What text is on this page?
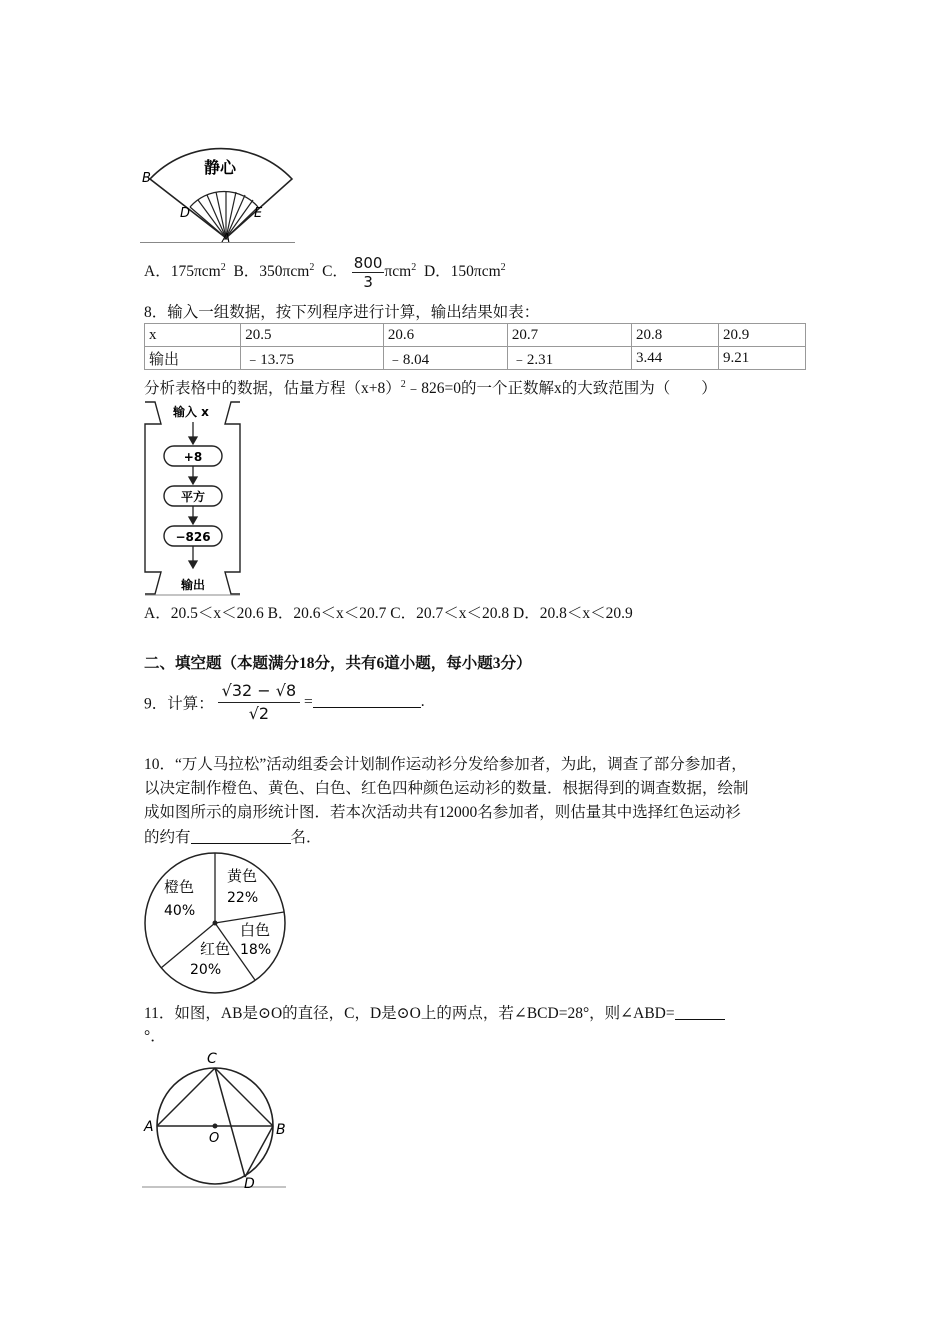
静心
B
D	E
A
A．175πcm$^2$ B．350πcm$^2$ C． $\frac{800}{3} \pi cm^2$ D．150πcm$^2$
8．输入一组数据，按下列程序进行计算，输出结果如表：
x	20.5	20.6	20.7	20.8	20.9
输出	﹣13.75	﹣8.04	﹣2.31	3.44	9.21
分析表格中的数据，估量方程$(x+8)^2﹣826=0$的一个正数解x的大致范围为（　　）
输入 x
+8
平方
−826
输出
A．20.5＜x＜20.6 B．20.6＜x＜20.7 C．20.7＜x＜20.8 D．20.8＜x＜20.9
二、填空题（本题满分18分，共有6道小题，每小题3分）
9．计算： $\frac{√32 - √8}{√2}$ =	.
10．“万人马拉松”活动组委会计划制作运动衫分发给参加者，为此，调查了部分参加者，
以决定制作橙色、黄色、白色、红色四种颜色运动衫的数量．根据得到的调查数据，绘制
成如图所示的扇形统计图．若本次活动共有12000名参加者，则估量其中选择红色运动衫
的约有	名．
橙色
40%
黄色
22%
白色
18%
红色
20%
11．如图，AB是⊙O的直径，C，D是⊙O上的两点，若∠BCD=28°，则∠ABD=
°．
A	B
C
D
O
